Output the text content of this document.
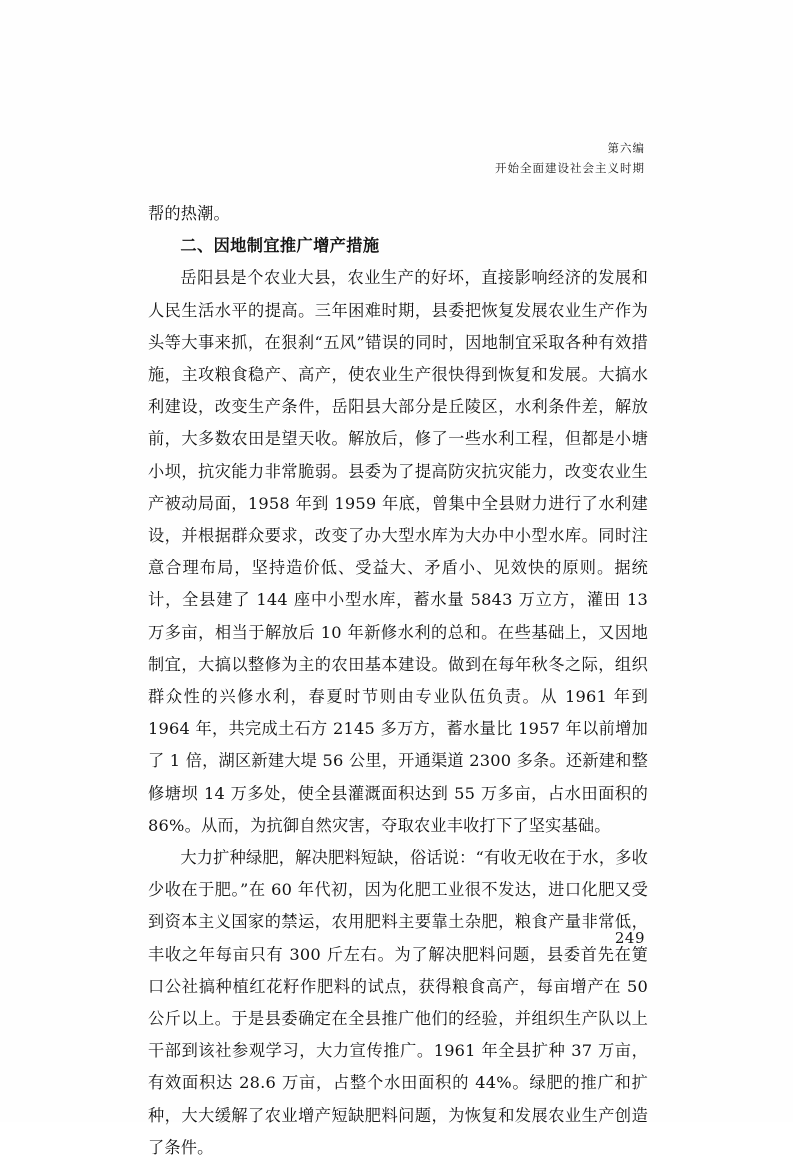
第六编
开始全面建设社会主义时期

帮的热潮。

二、因地制宜推广增产措施

岳阳县是个农业大县，农业生产的好坏，直接影响经济的发展和人民生活水平的提高。三年困难时期，县委把恢复发展农业生产作为头等大事来抓，在狠刹“五风”错误的同时，因地制宜采取各种有效措施，主攻粮食稳产、高产，使农业生产很快得到恢复和发展。大搞水利建设，改变生产条件，岳阳县大部分是丘陵区，水利条件差，解放前，大多数农田是望天收。解放后，修了一些水利工程，但都是小塘小坝，抗灾能力非常脆弱。县委为了提高防灾抗灾能力，改变农业生产被动局面，1958 年到 1959 年底，曾集中全县财力进行了水利建设，并根据群众要求，改变了办大型水库为大办中小型水库。同时注意合理布局，坚持造价低、受益大、矛盾小、见效快的原则。据统计，全县建了 144 座中小型水库，蓄水量 5843 万立方，灌田 13 万多亩，相当于解放后 10 年新修水利的总和。在些基础上，又因地制宜，大搞以整修为主的农田基本建设。做到在每年秋冬之际，组织群众性的兴修水利，春夏时节则由专业队伍负责。从 1961 年到 1964 年，共完成土石方 2145 多万方，蓄水量比 1957 年以前增加了 1 倍，湖区新建大堤 56 公里，开通渠道 2300 多条。还新建和整修塘坝 14 万多处，使全县灌溉面积达到 55 万多亩，占水田面积的 86%。从而，为抗御自然灾害，夺取农业丰收打下了坚实基础。

大力扩种绿肥，解决肥料短缺，俗话说：“有收无收在于水，多收少收在于肥。”在 60 年代初，因为化肥工业很不发达，进口化肥又受到资本主义国家的禁运，农用肥料主要靠土杂肥，粮食产量非常低，丰收之年每亩只有 300 斤左右。为了解决肥料问题，县委首先在筻口公社搞种植红花籽作肥料的试点，获得粮食高产，每亩增产在 50 公斤以上。于是县委确定在全县推广他们的经验，并组织生产队以上干部到该社参观学习，大力宣传推广。1961 年全县扩种 37 万亩，有效面积达 28.6 万亩，占整个水田面积的 44%。绿肥的推广和扩种，大大缓解了农业增产短缺肥料问题，为恢复和发展农业生产创造了条件。

249
